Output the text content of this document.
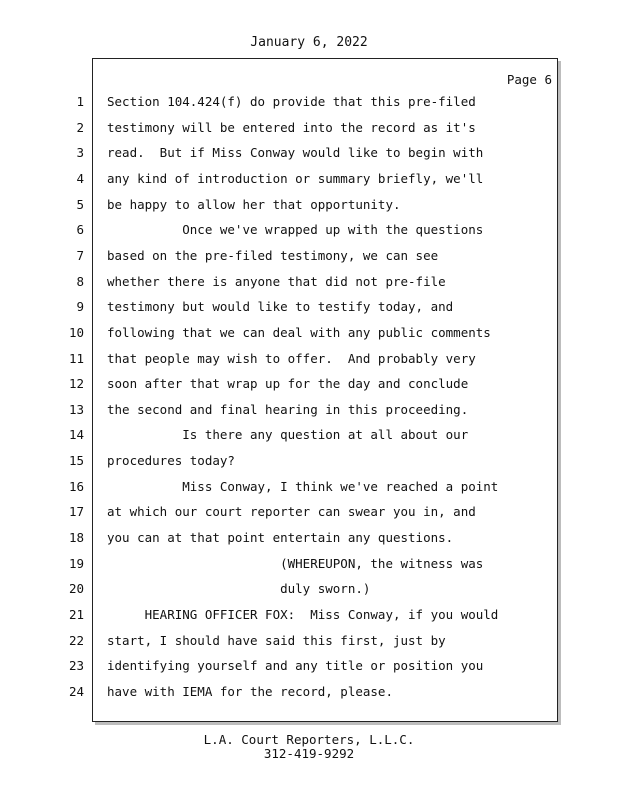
January 6, 2022
Page 6
1 Section 104.424(f) do provide that this pre-filed
2 testimony will be entered into the record as it's
3 read.  But if Miss Conway would like to begin with
4 any kind of introduction or summary briefly, we'll
5 be happy to allow her that opportunity.
6 Once we've wrapped up with the questions
7 based on the pre-filed testimony, we can see
8 whether there is anyone that did not pre-file
9 testimony but would like to testify today, and
10 following that we can deal with any public comments
11 that people may wish to offer.  And probably very
12 soon after that wrap up for the day and conclude
13 the second and final hearing in this proceeding.
14 Is there any question at all about our
15 procedures today?
16 Miss Conway, I think we've reached a point
17 at which our court reporter can swear you in, and
18 you can at that point entertain any questions.
19 (WHEREUPON, the witness was
20 duly sworn.)
21 HEARING OFFICER FOX:  Miss Conway, if you would
22 start, I should have said this first, just by
23 identifying yourself and any title or position you
24 have with IEMA for the record, please.
L.A. Court Reporters, L.L.C.
312-419-9292
